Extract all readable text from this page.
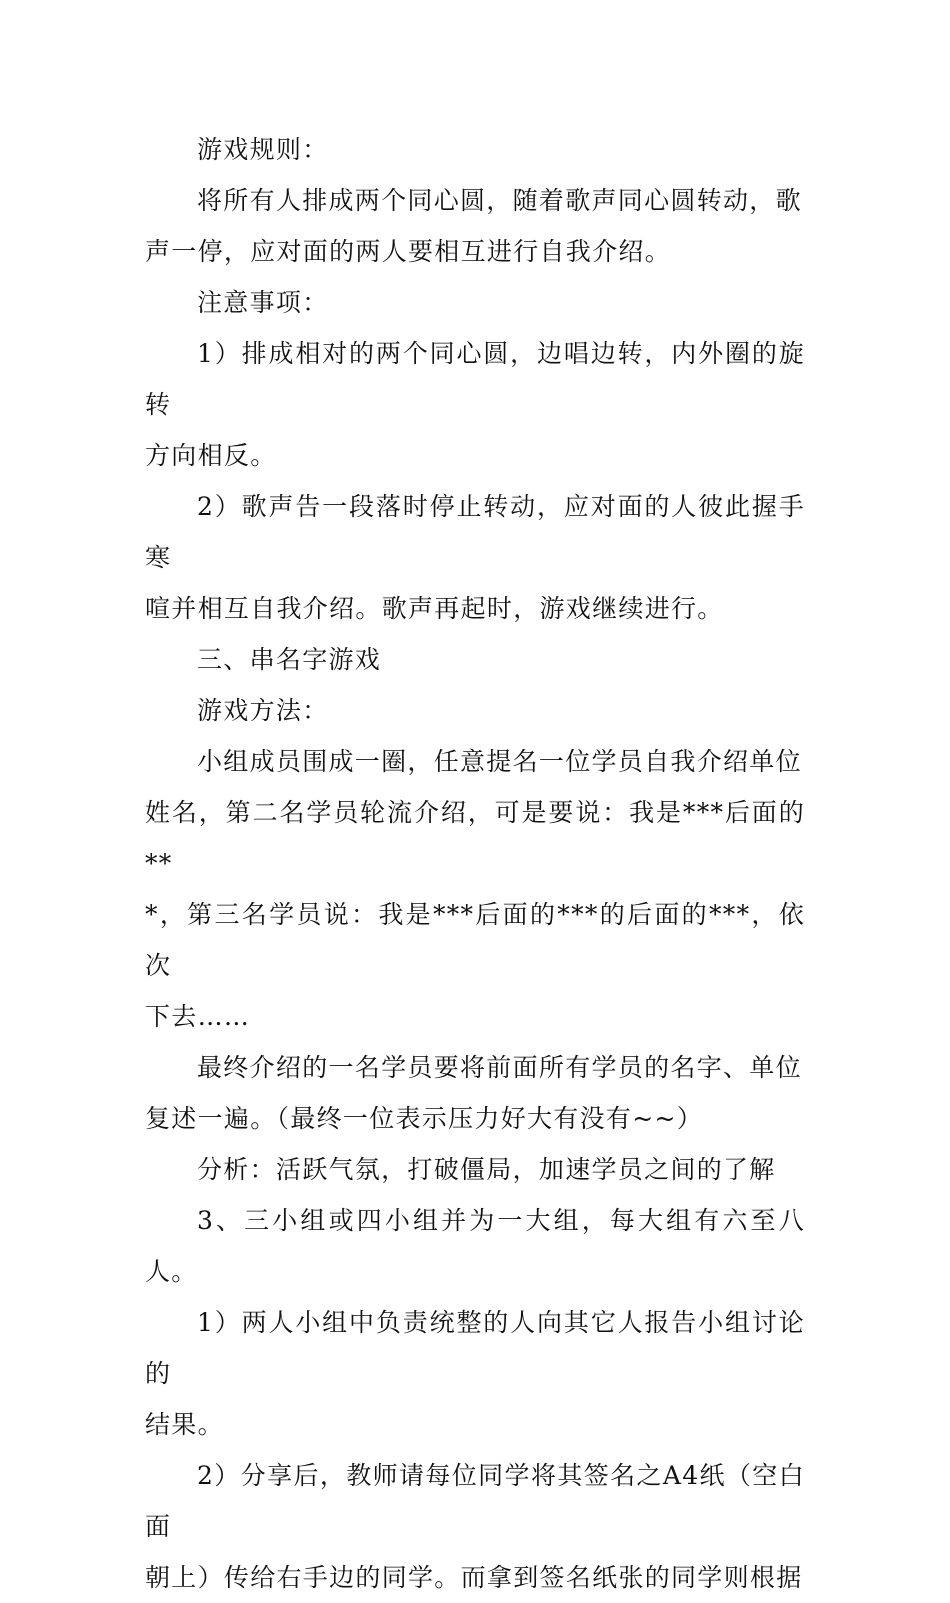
游戏规则：

将所有人排成两个同心圆，随着歌声同心圆转动，歌
声一停，应对面的两人要相互进行自我介绍。

注意事项：

1）排成相对的两个同心圆，边唱边转，内外圈的旋转
方向相反。

2）歌声告一段落时停止转动，应对面的人彼此握手寒
喧并相互自我介绍。歌声再起时，游戏继续进行。

三、串名字游戏

游戏方法：

小组成员围成一圈，任意提名一位学员自我介绍单位
姓名，第二名学员轮流介绍，可是要说：我是***后面的**
*，第三名学员说：我是***后面的***的后面的***，依次
下去……

最终介绍的一名学员要将前面所有学员的名字、单位
复述一遍。（最终一位表示压力好大有没有~~）

分析：活跃气氛，打破僵局，加速学员之间的了解

3、三小组或四小组并为一大组，每大组有六至八人。

1）两人小组中负责统整的人向其它人报告小组讨论的
结果。

2）分享后，教师请每位同学将其签名之A4纸（空白面
朝上）传给右手边的同学。而拿到签名纸张的同学则根据
